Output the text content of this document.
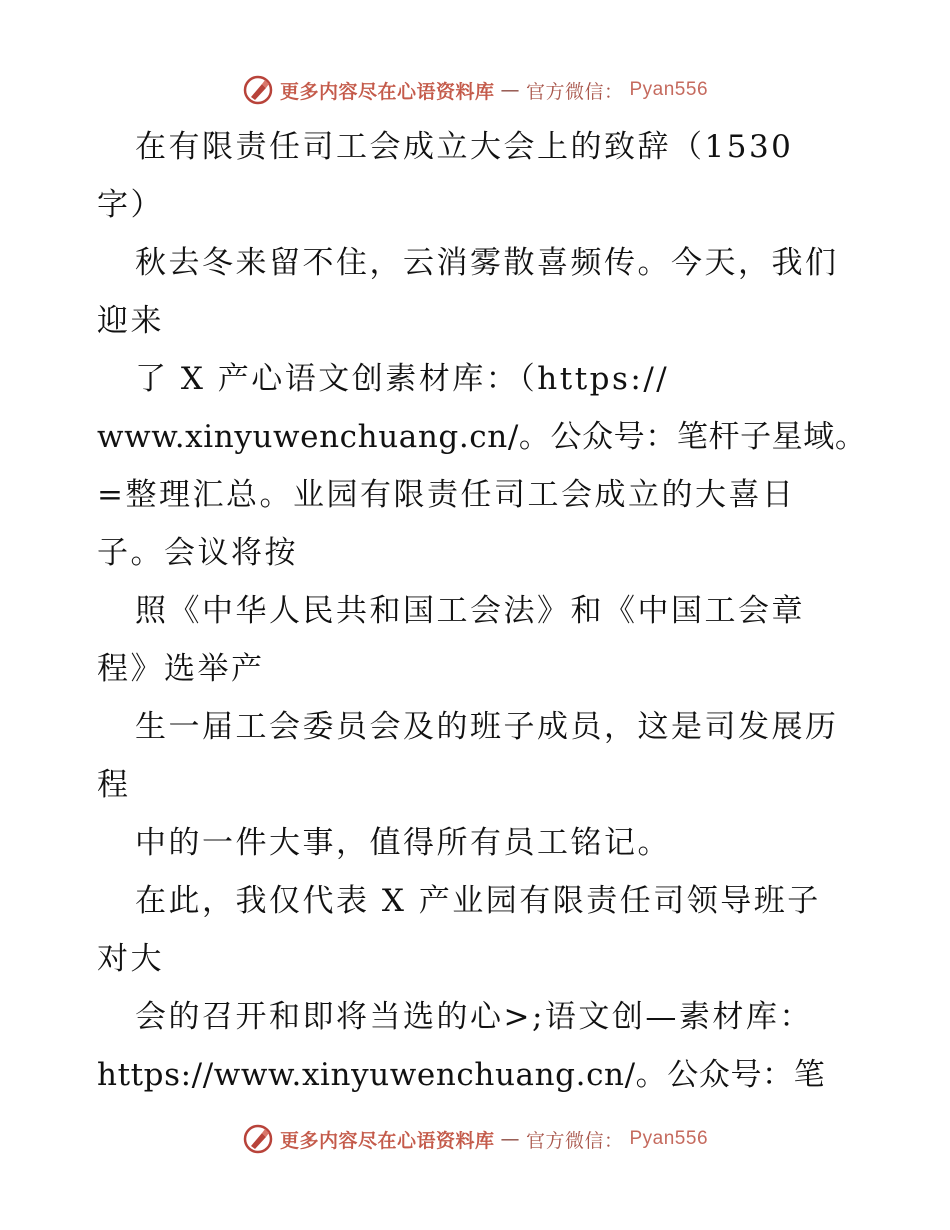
更多内容尽在心语资料库 — 官方微信： Pyan556
在有限责任司工会成立大会上的致辞（1530
字）
秋去冬来留不住，云消雾散喜频传。今天，我们
迎来
了 X 产心语文创素材库：（https://
www.xinyuwenchuang.cn/。公众号：笔杆子星域。
=整理汇总。业园有限责任司工会成立的大喜日
子。会议将按
照《中华人民共和国工会法》和《中国工会章
程》选举产
生一届工会委员会及的班子成员，这是司发展历
程
中的一件大事，值得所有员工铭记。
在此，我仅代表 X 产业园有限责任司领导班子
对大
会的召开和即将当选的心>;语文创—素材库：
https://www.xinyuwenchuang.cn/。公众号：笔
更多内容尽在心语资料库 — 官方微信： Pyan556
